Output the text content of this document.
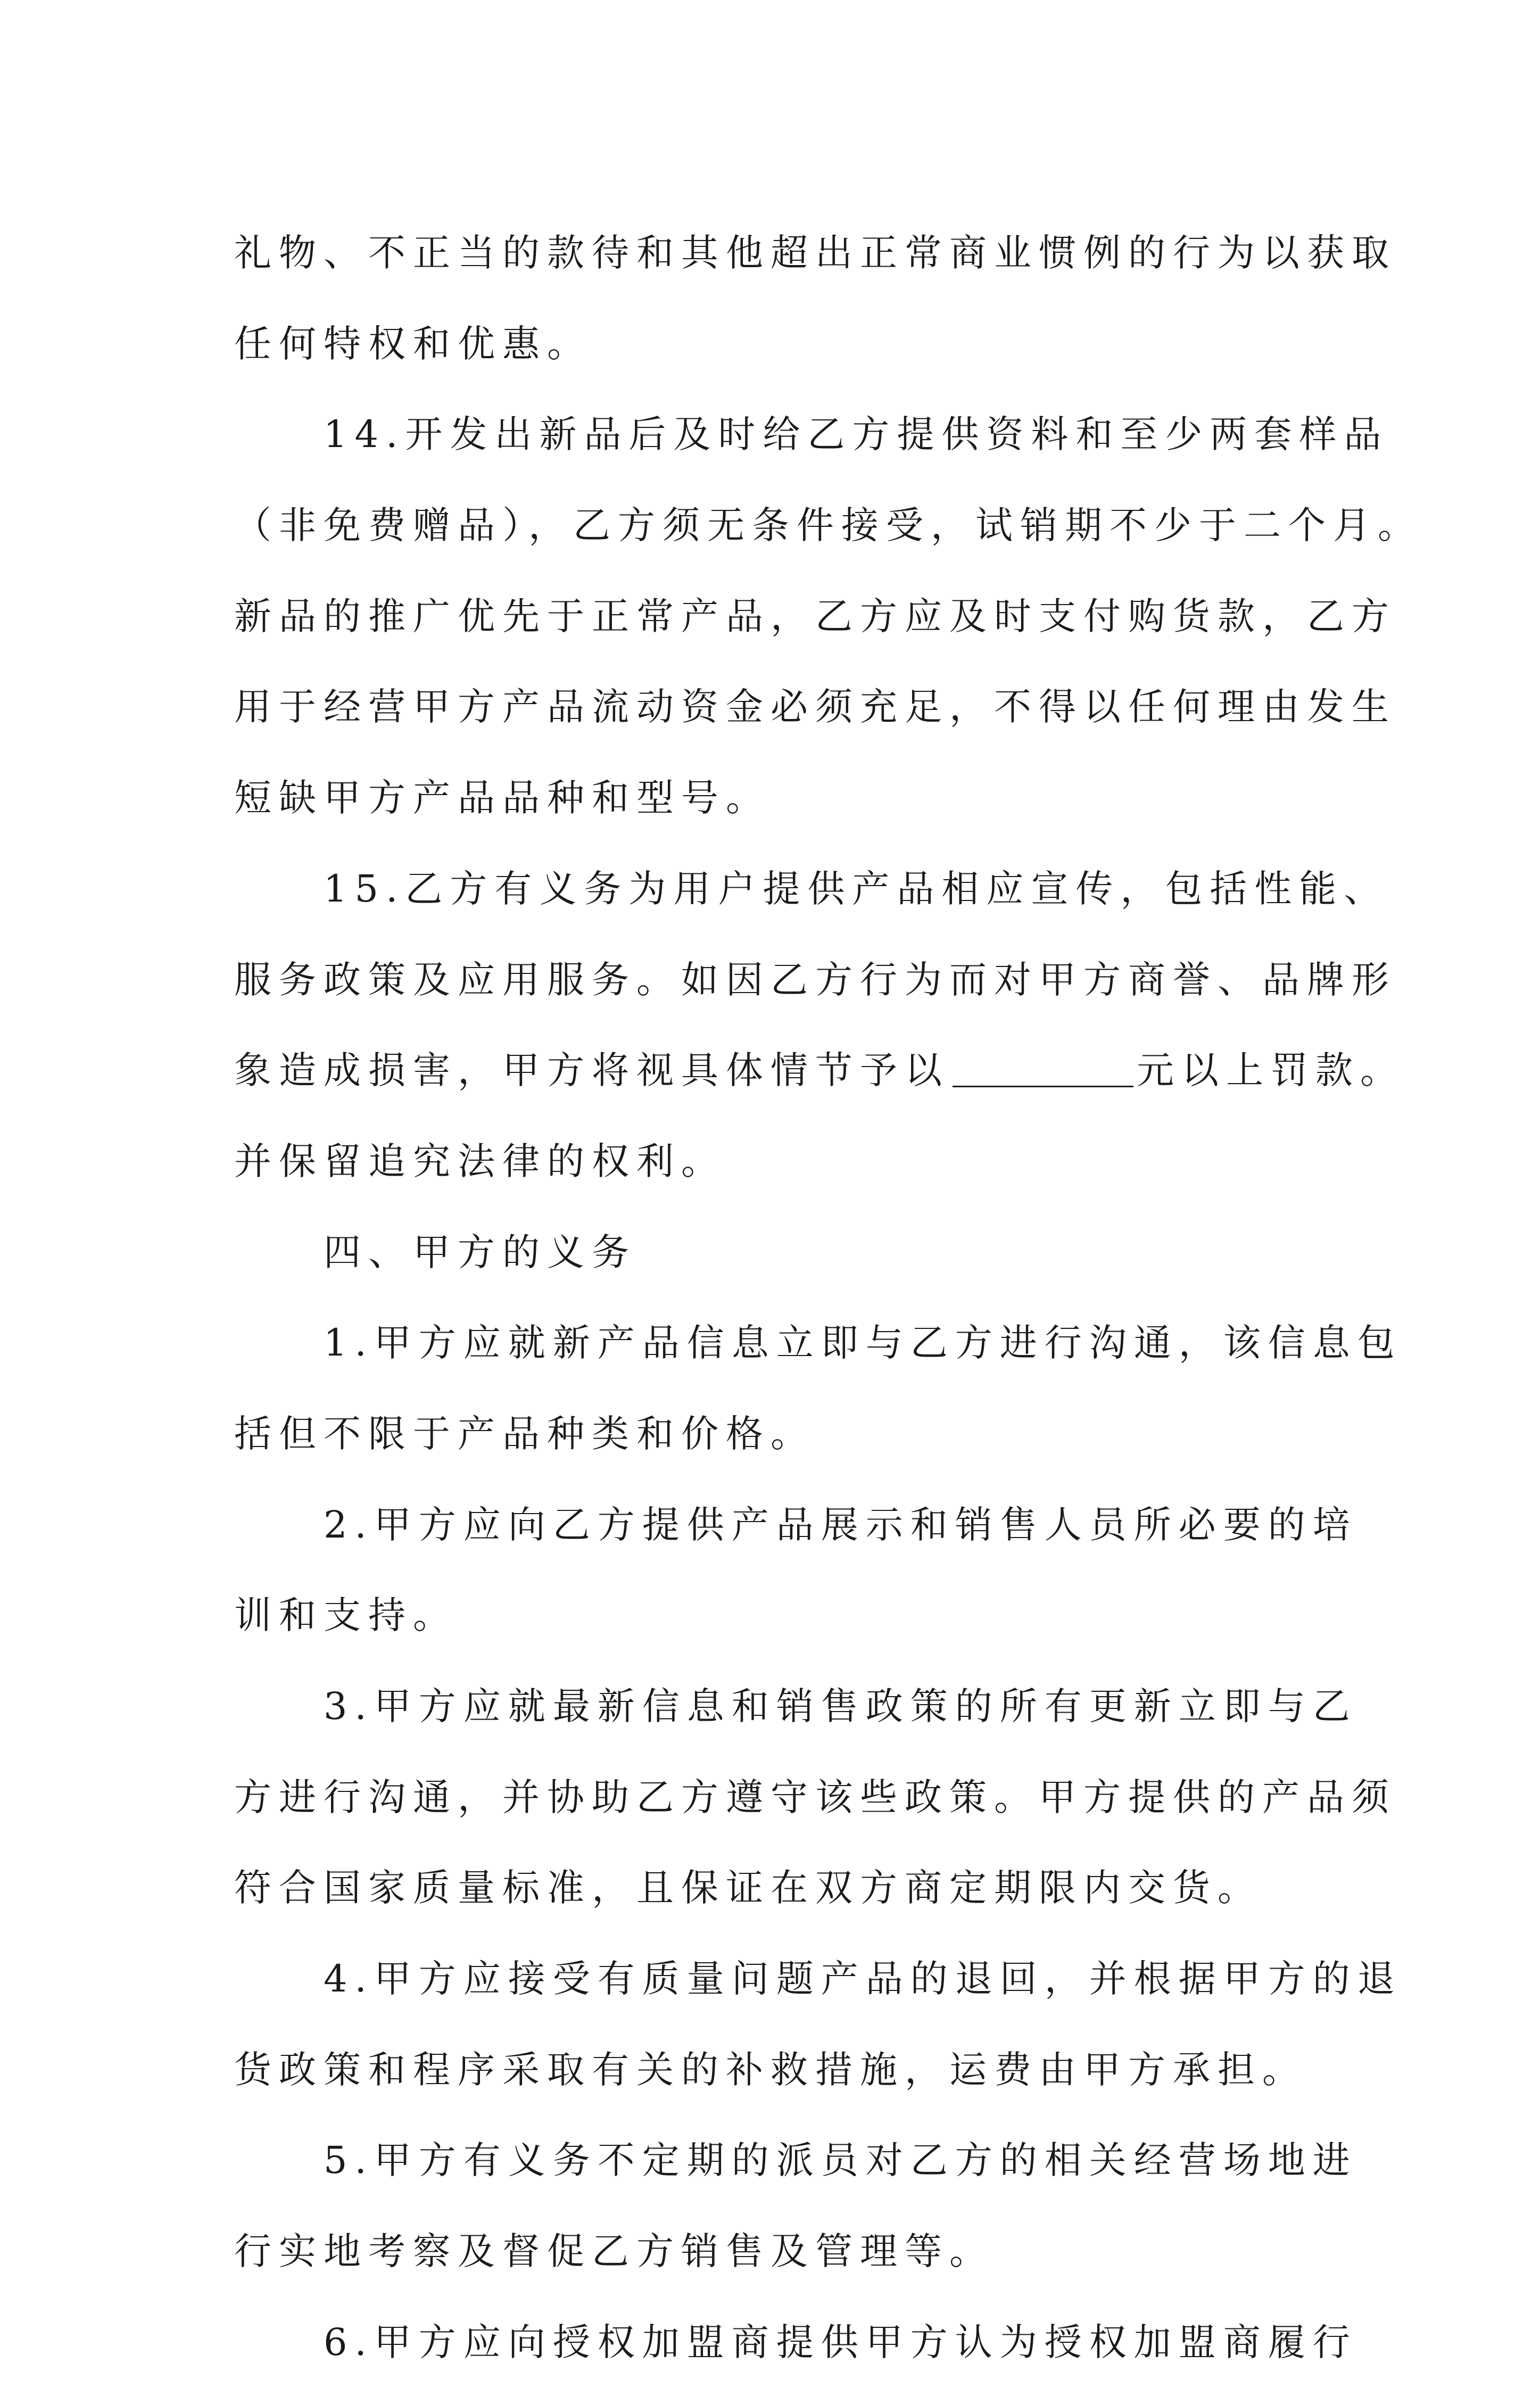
礼物、不正当的款待和其他超出正常商业惯例的行为以获取
任何特权和优惠。
14.开发出新品后及时给乙方提供资料和至少两套样品
（非免费赠品），乙方须无条件接受，试销期不少于二个月。
新品的推广优先于正常产品，乙方应及时支付购货款，乙方
用于经营甲方产品流动资金必须充足，不得以任何理由发生
短缺甲方产品品种和型号。
15.乙方有义务为用户提供产品相应宣传，包括性能、
服务政策及应用服务。如因乙方行为而对甲方商誉、品牌形
象造成损害，甲方将视具体情节予以	元以上罚款。
并保留追究法律的权利。
四、甲方的义务
1.甲方应就新产品信息立即与乙方进行沟通，该信息包
括但不限于产品种类和价格。
2.甲方应向乙方提供产品展示和销售人员所必要的培
训和支持。
3.甲方应就最新信息和销售政策的所有更新立即与乙
方进行沟通，并协助乙方遵守该些政策。甲方提供的产品须
符合国家质量标准，且保证在双方商定期限内交货。
4.甲方应接受有质量问题产品的退回，并根据甲方的退
货政策和程序采取有关的补救措施，运费由甲方承担。
5.甲方有义务不定期的派员对乙方的相关经营场地进
行实地考察及督促乙方销售及管理等。
6.甲方应向授权加盟商提供甲方认为授权加盟商履行
